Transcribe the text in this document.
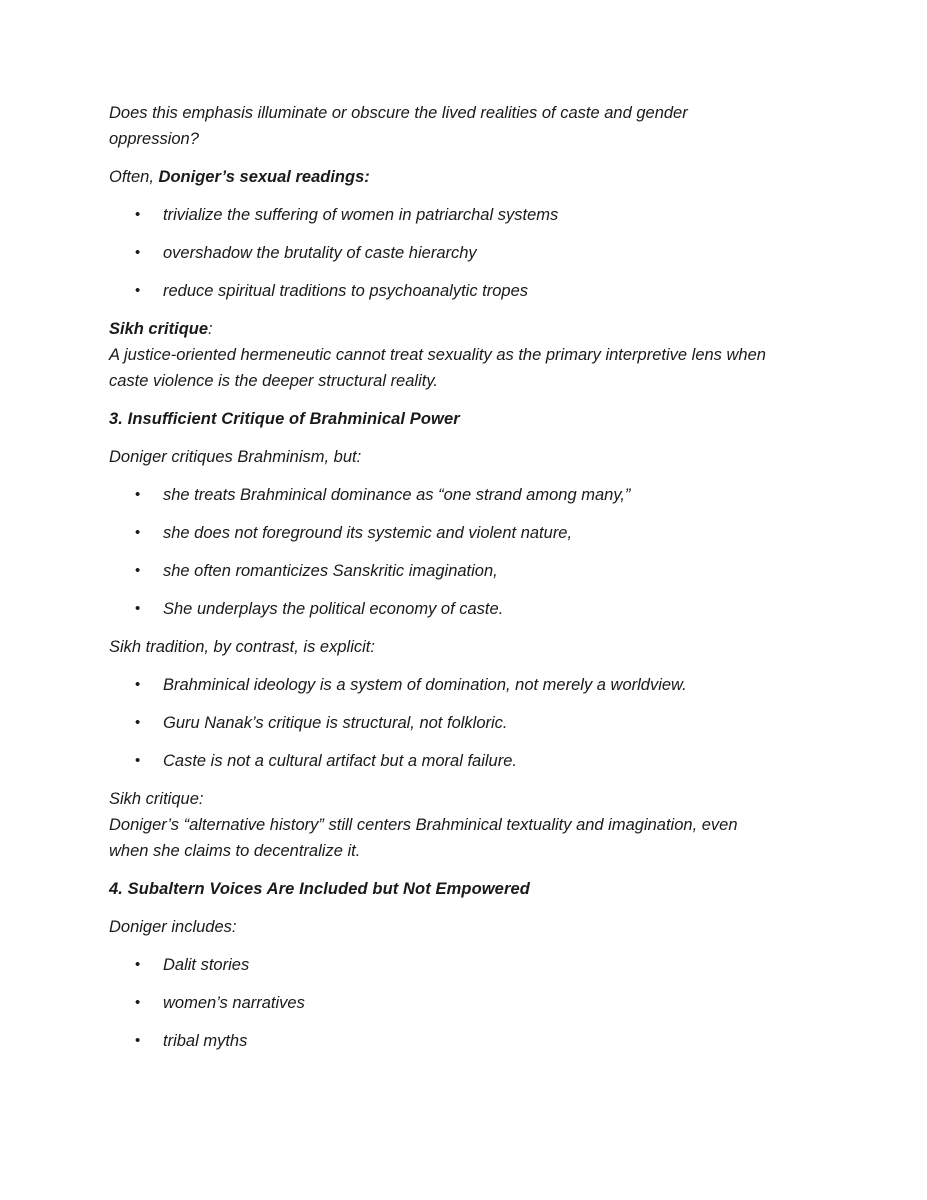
Does this emphasis illuminate or obscure the lived realities of caste and gender
oppression?
Often, Doniger’s sexual readings:
• trivialize the suffering of women in patriarchal systems
• overshadow the brutality of caste hierarchy
• reduce spiritual traditions to psychoanalytic tropes
Sikh critique:
A justice-oriented hermeneutic cannot treat sexuality as the primary interpretive lens when
caste violence is the deeper structural reality.
3. Insufficient Critique of Brahminical Power
Doniger critiques Brahminism, but:
• she treats Brahminical dominance as “one strand among many,”
• she does not foreground its systemic and violent nature,
• she often romanticizes Sanskritic imagination,
• She underplays the political economy of caste.
Sikh tradition, by contrast, is explicit:
• Brahminical ideology is a system of domination, not merely a worldview.
• Guru Nanak’s critique is structural, not folkloric.
• Caste is not a cultural artifact but a moral failure.
Sikh critique:
Doniger’s “alternative history” still centers Brahminical textuality and imagination, even
when she claims to decentralize it.
4. Subaltern Voices Are Included but Not Empowered
Doniger includes:
• Dalit stories
• women’s narratives
• tribal myths
